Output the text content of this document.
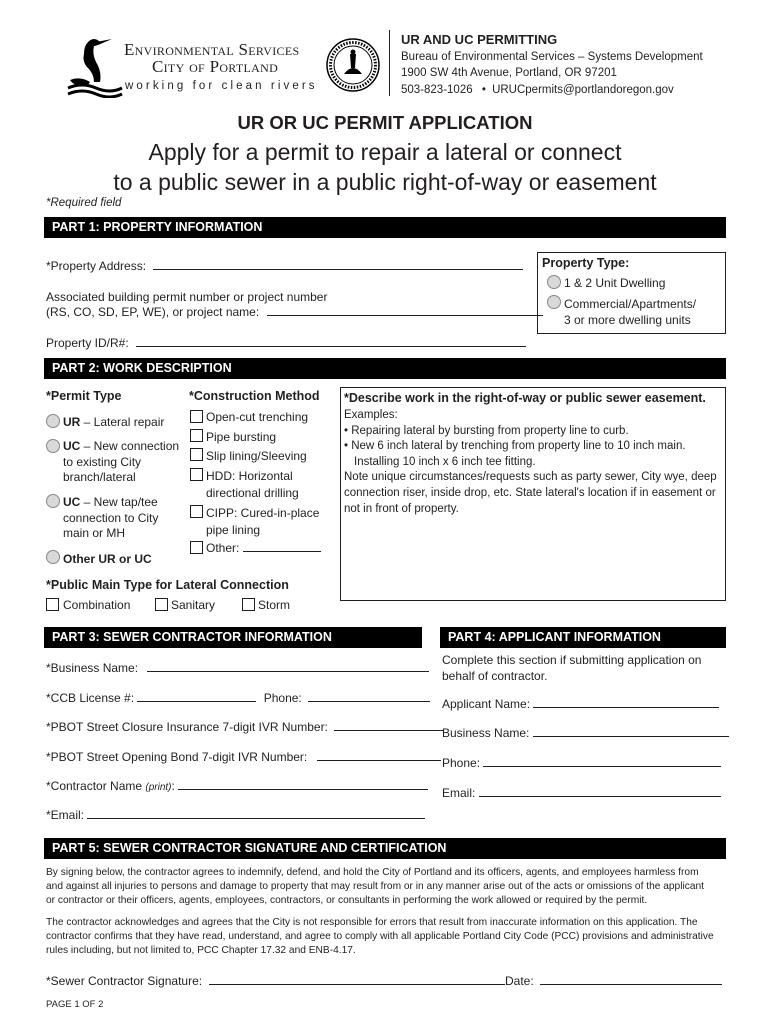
Environmental Services
City of Portland
working for clean rivers
UR AND UC PERMITTING
Bureau of Environmental Services – Systems Development
1900 SW 4th Avenue, Portland, OR 97201
503-823-1026 • URUCpermits@portlandoregon.gov
UR OR UC PERMIT APPLICATION
Apply for a permit to repair a lateral or connect
to a public sewer in a public right-of-way or easement
*Required field
PART 1: PROPERTY INFORMATION
*Property Address:
Associated building permit number or project number
(RS, CO, SD, EP, WE), or project name:
Property ID/R#:
Property Type:
1 & 2 Unit Dwelling
Commercial/Apartments/
3 or more dwelling units
PART 2: WORK DESCRIPTION
*Permit Type
UR – Lateral repair
UC – New connection
to existing City
branch/lateral
UC – New tap/tee
connection to City
main or MH
Other UR or UC
*Construction Method
Open-cut trenching
Pipe bursting
Slip lining/Sleeving
HDD: Horizontal
directional drilling
CIPP: Cured-in-place
pipe lining
Other:
*Describe work in the right-of-way or public sewer easement.
Examples:
• Repairing lateral by bursting from property line to curb.
• New 6 inch lateral by trenching from property line to 10 inch main.
Installing 10 inch x 6 inch tee fitting.
Note unique circumstances/requests such as party sewer, City wye, deep
connection riser, inside drop, etc. State lateral's location if in easement or
not in front of property.
*Public Main Type for Lateral Connection
Combination	Sanitary	Storm
PART 3: SEWER CONTRACTOR INFORMATION
*Business Name:
*CCB License #:	Phone:
*PBOT Street Closure Insurance 7-digit IVR Number:
*PBOT Street Opening Bond 7-digit IVR Number:
*Contractor Name (print):
*Email:
PART 4: APPLICANT INFORMATION
Complete this section if submitting application on
behalf of contractor.
Applicant Name:
Business Name:
Phone:
Email:
PART 5: SEWER CONTRACTOR SIGNATURE AND CERTIFICATION
By signing below, the contractor agrees to indemnify, defend, and hold the City of Portland and its officers, agents, and employees harmless from
and against all injuries to persons and damage to property that may result from or in any manner arise out of the acts or omissions of the applicant
or contractor or their officers, agents, employees, contractors, or consultants in performing the work allowed or required by the permit.
The contractor acknowledges and agrees that the City is not responsible for errors that result from inaccurate information on this application. The
contractor confirms that they have read, understand, and agree to comply with all applicable Portland City Code (PCC) provisions and administrative
rules including, but not limited to, PCC Chapter 17.32 and ENB-4.17.
*Sewer Contractor Signature:	Date:
PAGE 1 OF 2
